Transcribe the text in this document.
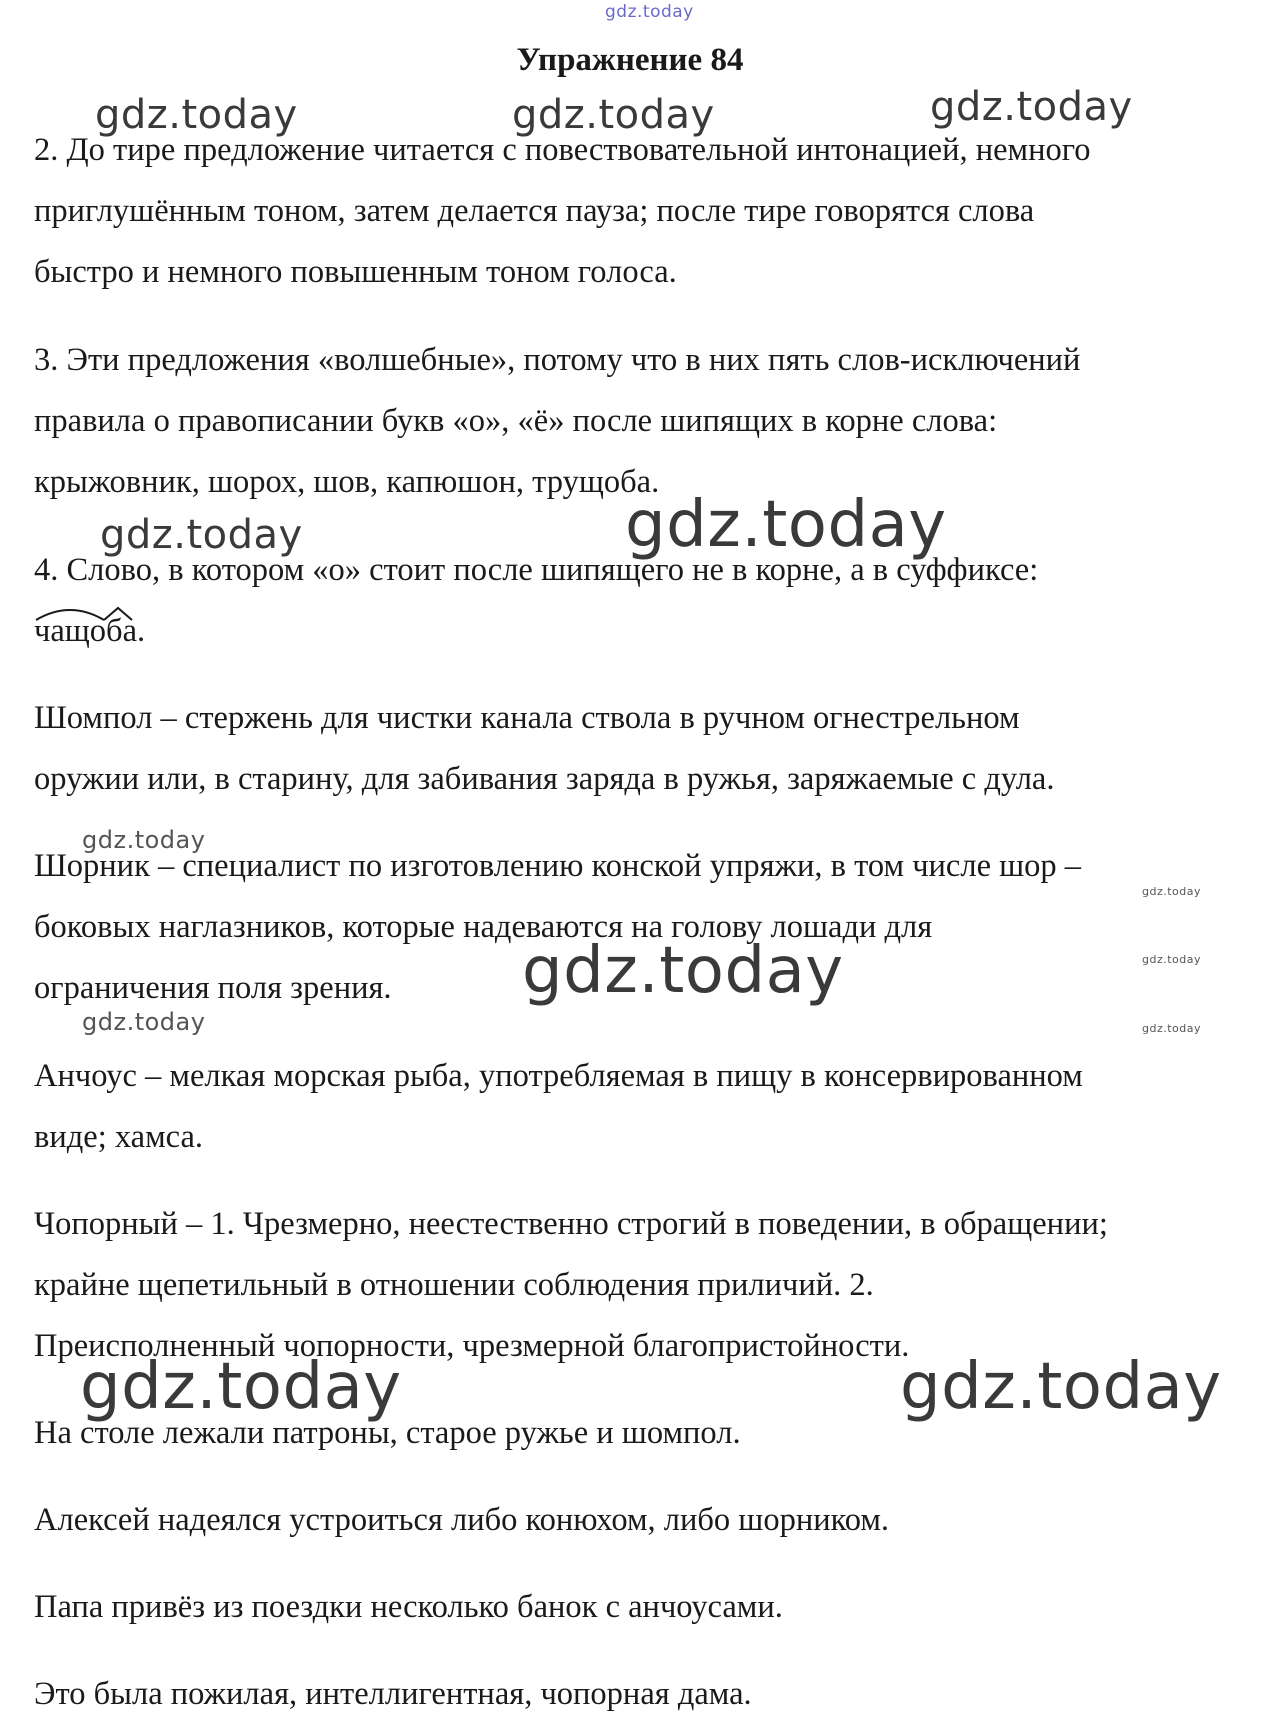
gdz.today
gdz.today	gdz.today	gdz.today
gdz.today	gdz.today
gdz.today
gdz.today
gdz.today
gdz.today
gdz.today
gdz.today
gdz.today	gdz.today
Упражнение 84
2. До тире предложение читается с повествовательной интонацией, немного
приглушённым тоном, затем делается пауза; после тире говорятся слова
быстро и немного повышенным тоном голоса.
3. Эти предложения «волшебные», потому что в них пять слов-исключений
правила о правописании букв «о», «ё» после шипящих в корне слова:
крыжовник, шорох, шов, капюшон, трущоба.
4. Слово, в котором «о» стоит после шипящего не в корне, а в суффиксе:
чащоба.
Шомпол – стержень для чистки канала ствола в ручном огнестрельном
оружии или, в старину, для забивания заряда в ружья, заряжаемые с дула.
Шорник – специалист по изготовлению конской упряжи, в том числе шор –
боковых наглазников, которые надеваются на голову лошади для
ограничения поля зрения.
Анчоус – мелкая морская рыба, употребляемая в пищу в консервированном
виде; хамса.
Чопорный – 1. Чрезмерно, неестественно строгий в поведении, в обращении;
крайне щепетильный в отношении соблюдения приличий. 2.
Преисполненный чопорности, чрезмерной благопристойности.
На столе лежали патроны, старое ружье и шомпол.
Алексей надеялся устроиться либо конюхом, либо шорником.
Папа привёз из поездки несколько банок с анчоусами.
Это была пожилая, интеллигентная, чопорная дама.
